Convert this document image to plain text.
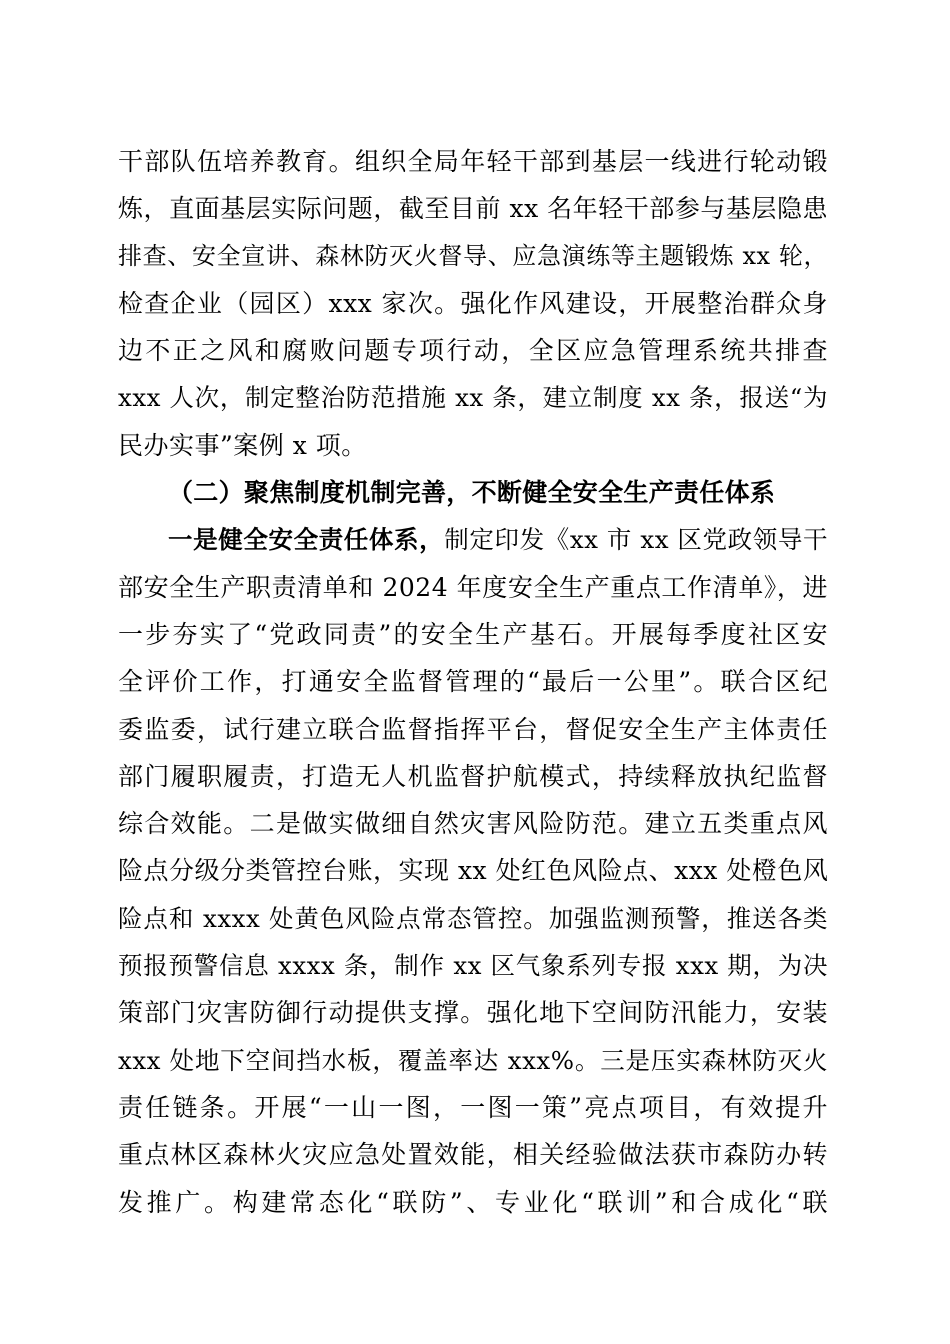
干部队伍培养教育。组织全局年轻干部到基层一线进行轮动锻
炼，直面基层实际问题，截至目前 xx 名年轻干部参与基层隐患
排查、安全宣讲、森林防灭火督导、应急演练等主题锻炼 xx 轮，
检查企业（园区）xxx 家次。强化作风建设，开展整治群众身
边不正之风和腐败问题专项行动，全区应急管理系统共排查
xxx 人次，制定整治防范措施 xx 条，建立制度 xx 条，报送“为
民办实事”案例 x 项。
（二）聚焦制度机制完善，不断健全安全生产责任体系
一是健全安全责任体系，制定印发《xx 市 xx 区党政领导干
部安全生产职责清单和 2024 年度安全生产重点工作清单》，进
一步夯实了“党政同责”的安全生产基石。开展每季度社区安
全评价工作，打通安全监督管理的“最后一公里”。联合区纪
委监委，试行建立联合监督指挥平台，督促安全生产主体责任
部门履职履责，打造无人机监督护航模式，持续释放执纪监督
综合效能。二是做实做细自然灾害风险防范。建立五类重点风
险点分级分类管控台账，实现 xx 处红色风险点、xxx 处橙色风
险点和 xxxx 处黄色风险点常态管控。加强监测预警，推送各类
预报预警信息 xxxx 条，制作 xx 区气象系列专报 xxx 期，为决
策部门灾害防御行动提供支撑。强化地下空间防汛能力，安装
xxx 处地下空间挡水板，覆盖率达 xxx%。三是压实森林防灭火
责任链条。开展“一山一图，一图一策”亮点项目，有效提升
重点林区森林火灾应急处置效能，相关经验做法获市森防办转
发推广。构建常态化“联防”、专业化“联训”和合成化“联
